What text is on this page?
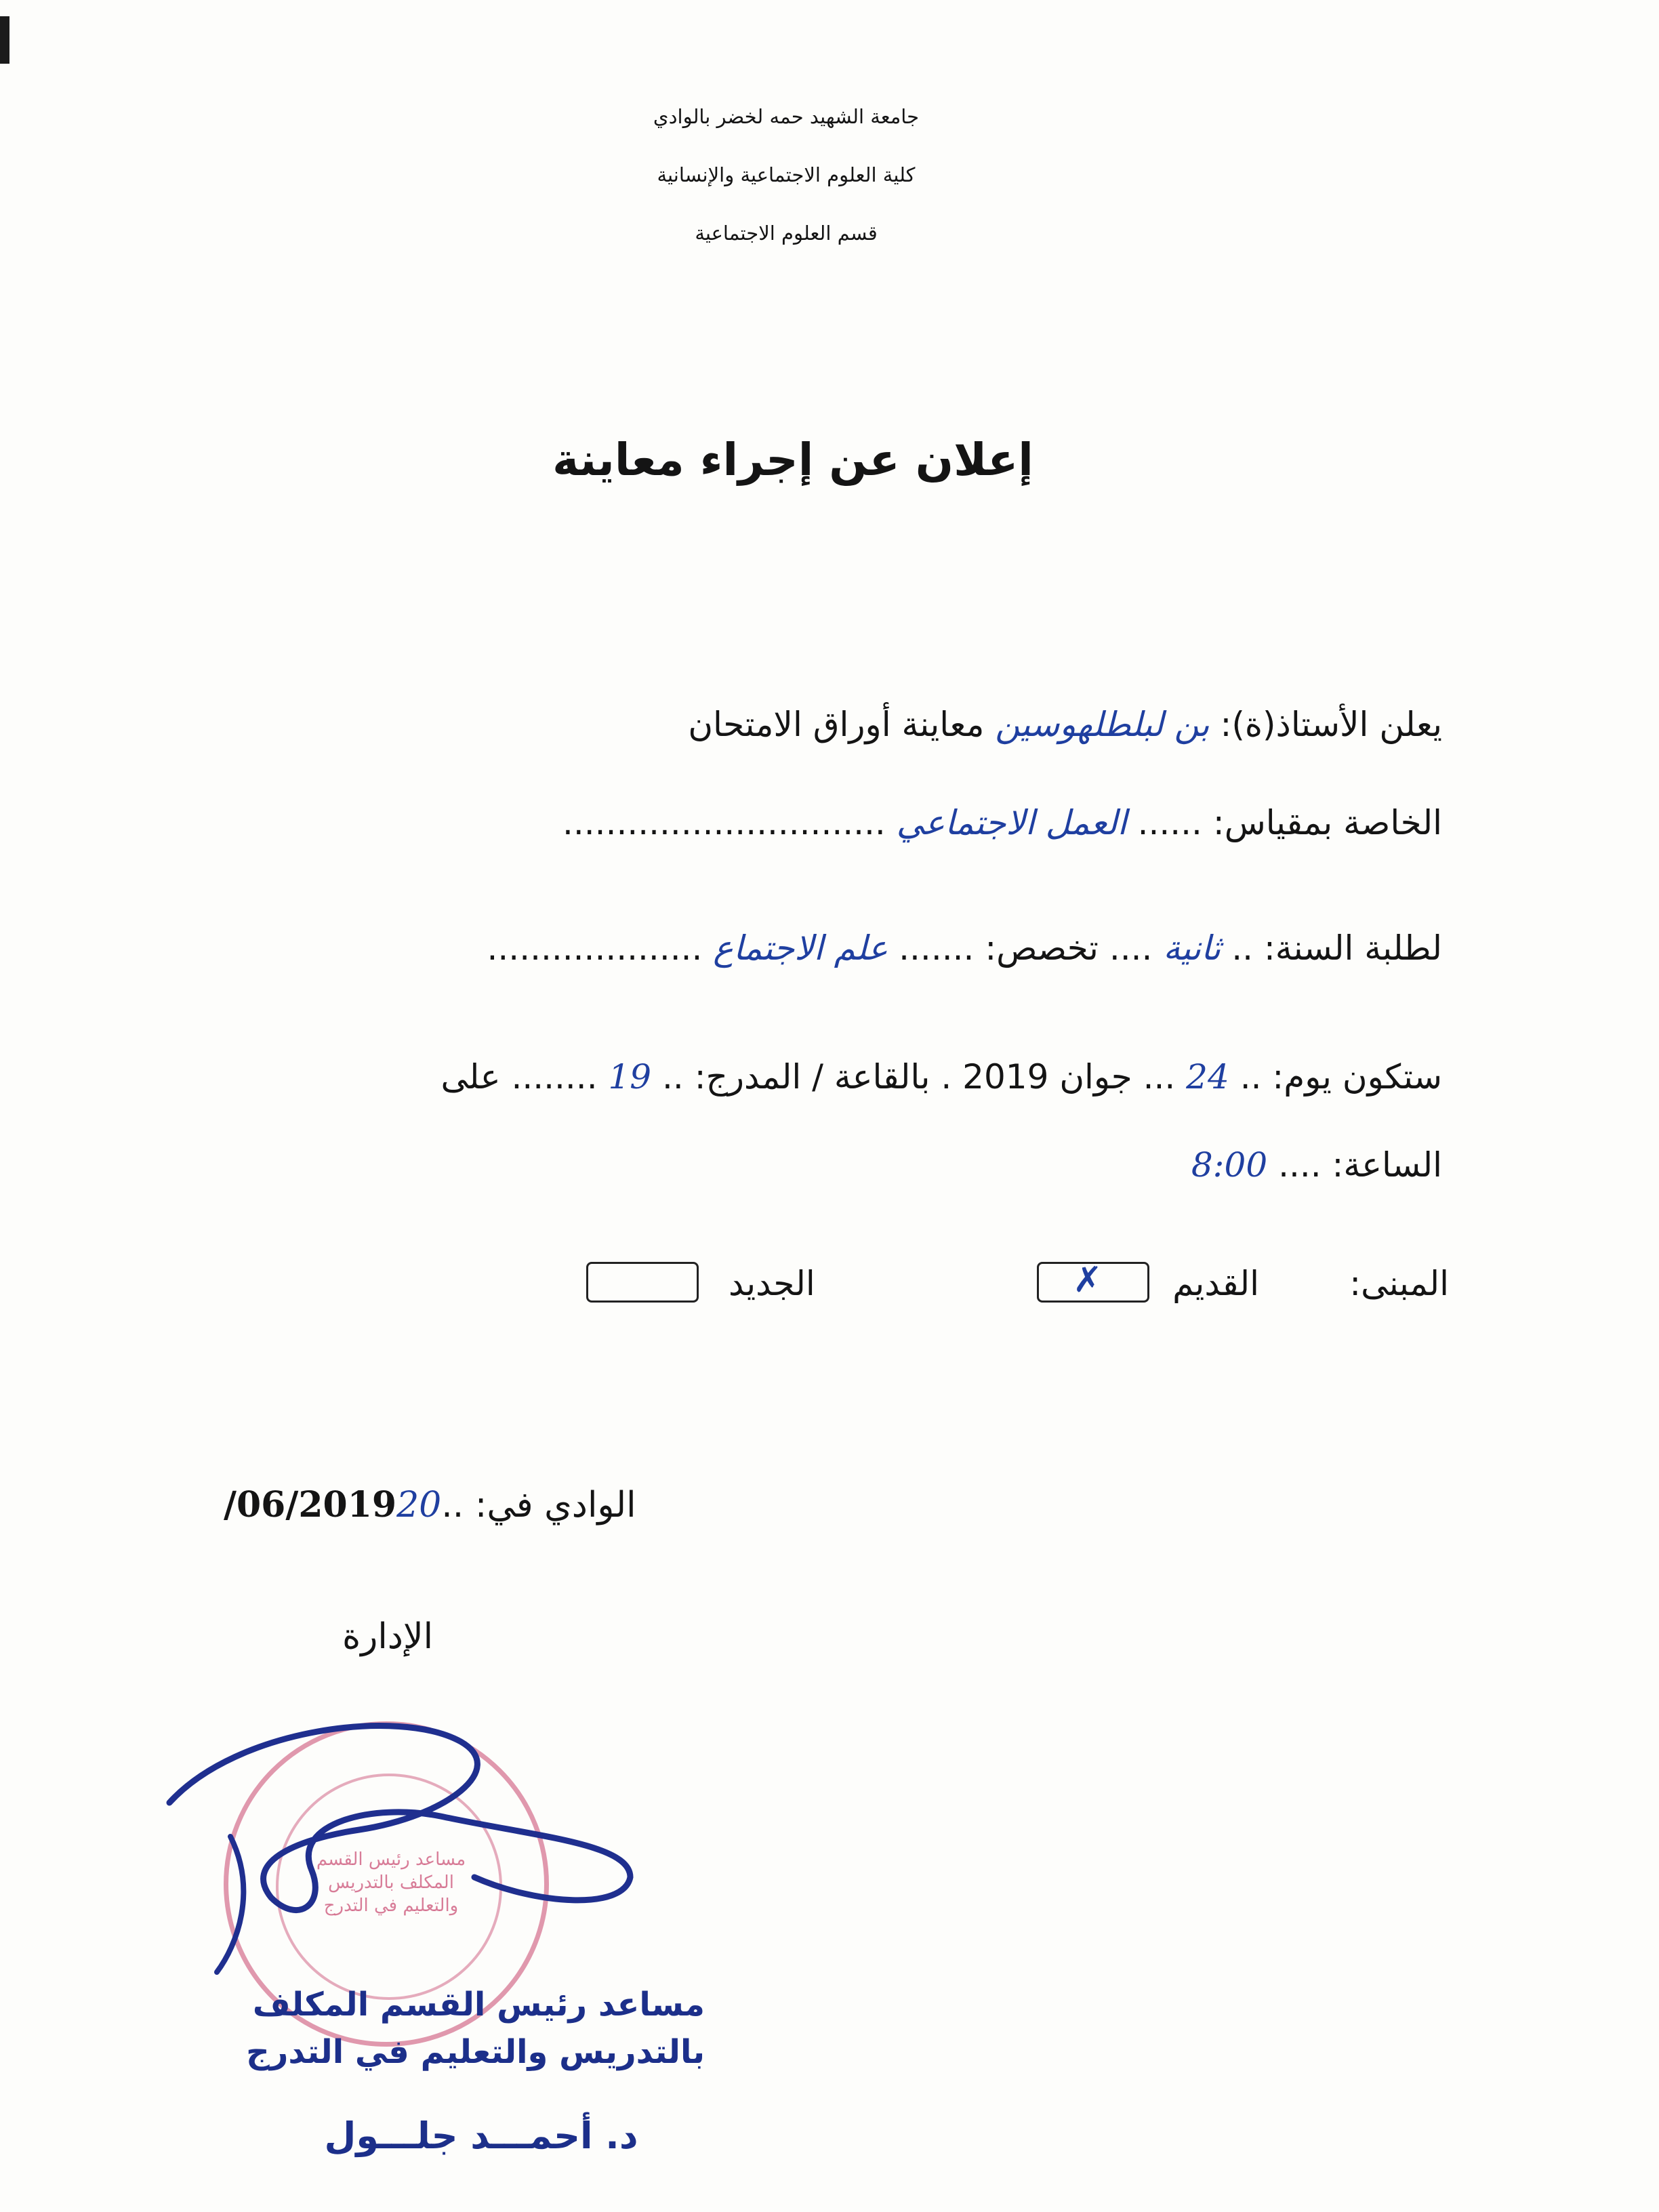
جامعة الشهيد حمه لخضر بالوادي
كلية العلوم الاجتماعية والإنسانية
قسم العلوم الاجتماعية
إعلان عن إجراء معاينة
يعلن الأستاذ(ة): بن لبلطلهوسين معاينة أوراق الامتحان
الخاصة بمقياس: ...... العمل الاجتماعي ..............................
لطلبة السنة: .. ثانية .... تخصص: ....... علم الاجتماع ....................
ستكون يوم: .. 24 ... جوان 2019 . بالقاعة / المدرج: .. 19 ........ على
الساعة: .... 8:00
المبنى:
القديم
✗
الجديد
/06/201920.. الوادي في:
الإدارة
مساعد رئيس القسم
المكلف بالتدريس
والتعليم في التدرج
مساعد رئيس القسم المكلف
بالتدريس والتعليم في التدرج
د. أحمـــد جلـــول
